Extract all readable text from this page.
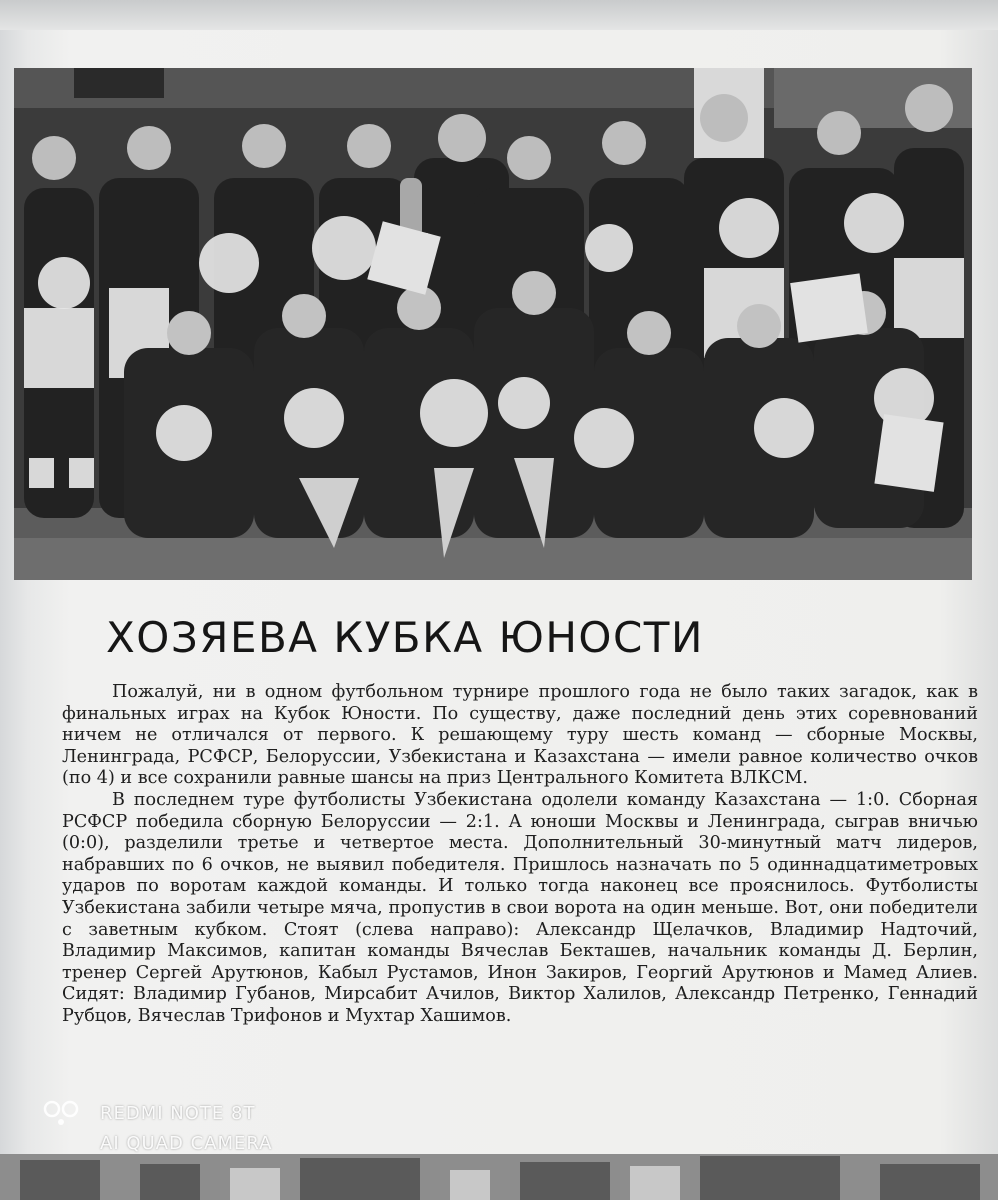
ХОЗЯЕВА КУБКА ЮНОСТИ

Пожалуй, ни в одном футбольном турнире прошлого года не было таких загадок, как в финальных играх на Кубок Юности. По существу, даже последний день этих соревнований ничем не отличался от первого. К решающему туру шесть команд — сборные Москвы, Ленинграда, РСФСР, Белоруссии, Узбекистана и Казахстана — имели равное количество очков (по 4) и все сохранили равные шансы на приз Центрального Комитета ВЛКСМ.

В последнем туре футболисты Узбекистана одолели команду Казахстана — 1:0. Сборная РСФСР победила сборную Белоруссии — 2:1. А юноши Москвы и Ленинграда, сыграв вничью (0:0), разделили третье и четвертое места. Дополнительный 30-минутный матч лидеров, набравших по 6 очков, не выявил победителя. Пришлось назначать по 5 одиннадцатиметровых ударов по воротам каждой команды. И только тогда наконец все прояснилось. Футболисты Узбекистана забили четыре мяча, пропустив в свои ворота на один меньше. Вот, они победители с заветным кубком. Стоят (слева направо): Александр Щелачков, Владимир Надточий, Владимир Максимов, капитан команды Вячеслав Бекташев, начальник команды Д. Берлин, тренер Сергей Арутюнов, Кабыл Рустамов, Инон Закиров, Георгий Арутюнов и Мамед Алиев. Сидят: Владимир Губанов, Мирсабит Ачилов, Виктор Халилов, Александр Петренко, Геннадий Рубцов, Вячеслав Трифонов и Мухтар Хашимов.

REDMI NOTE 8T
AI QUAD CAMERA
